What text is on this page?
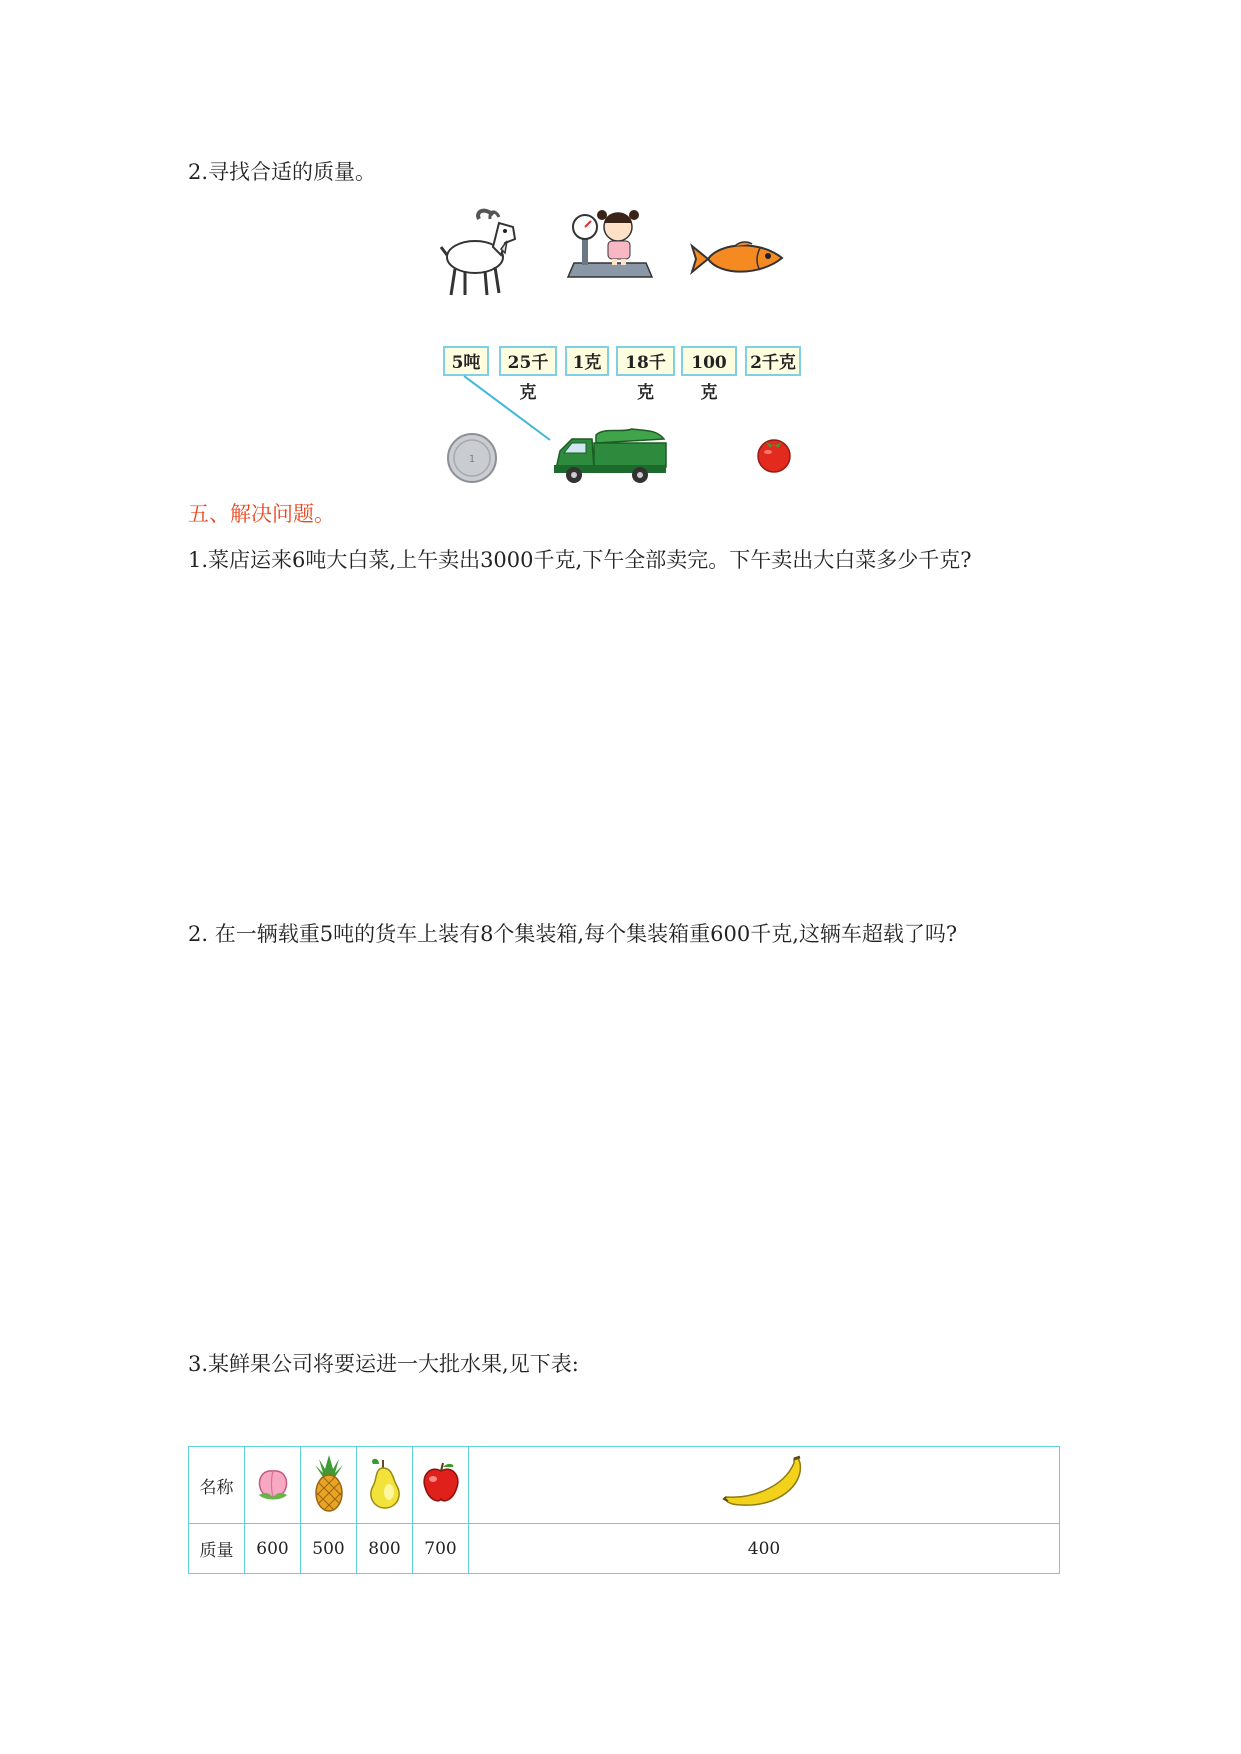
2.寻找合适的质量。
5吨	25千克
1克	18千克
100克
2千克
1
五、解决问题。
1.菜店运来6吨大白菜,上午卖出3000千克,下午全部卖完。下午卖出大白菜多少千克?
2. 在一辆载重5吨的货车上装有8个集装箱,每个集装箱重600千克,这辆车超载了吗?
3.某鲜果公司将要运进一大批水果,见下表:
名称					
质量	600	500	800	700	400
